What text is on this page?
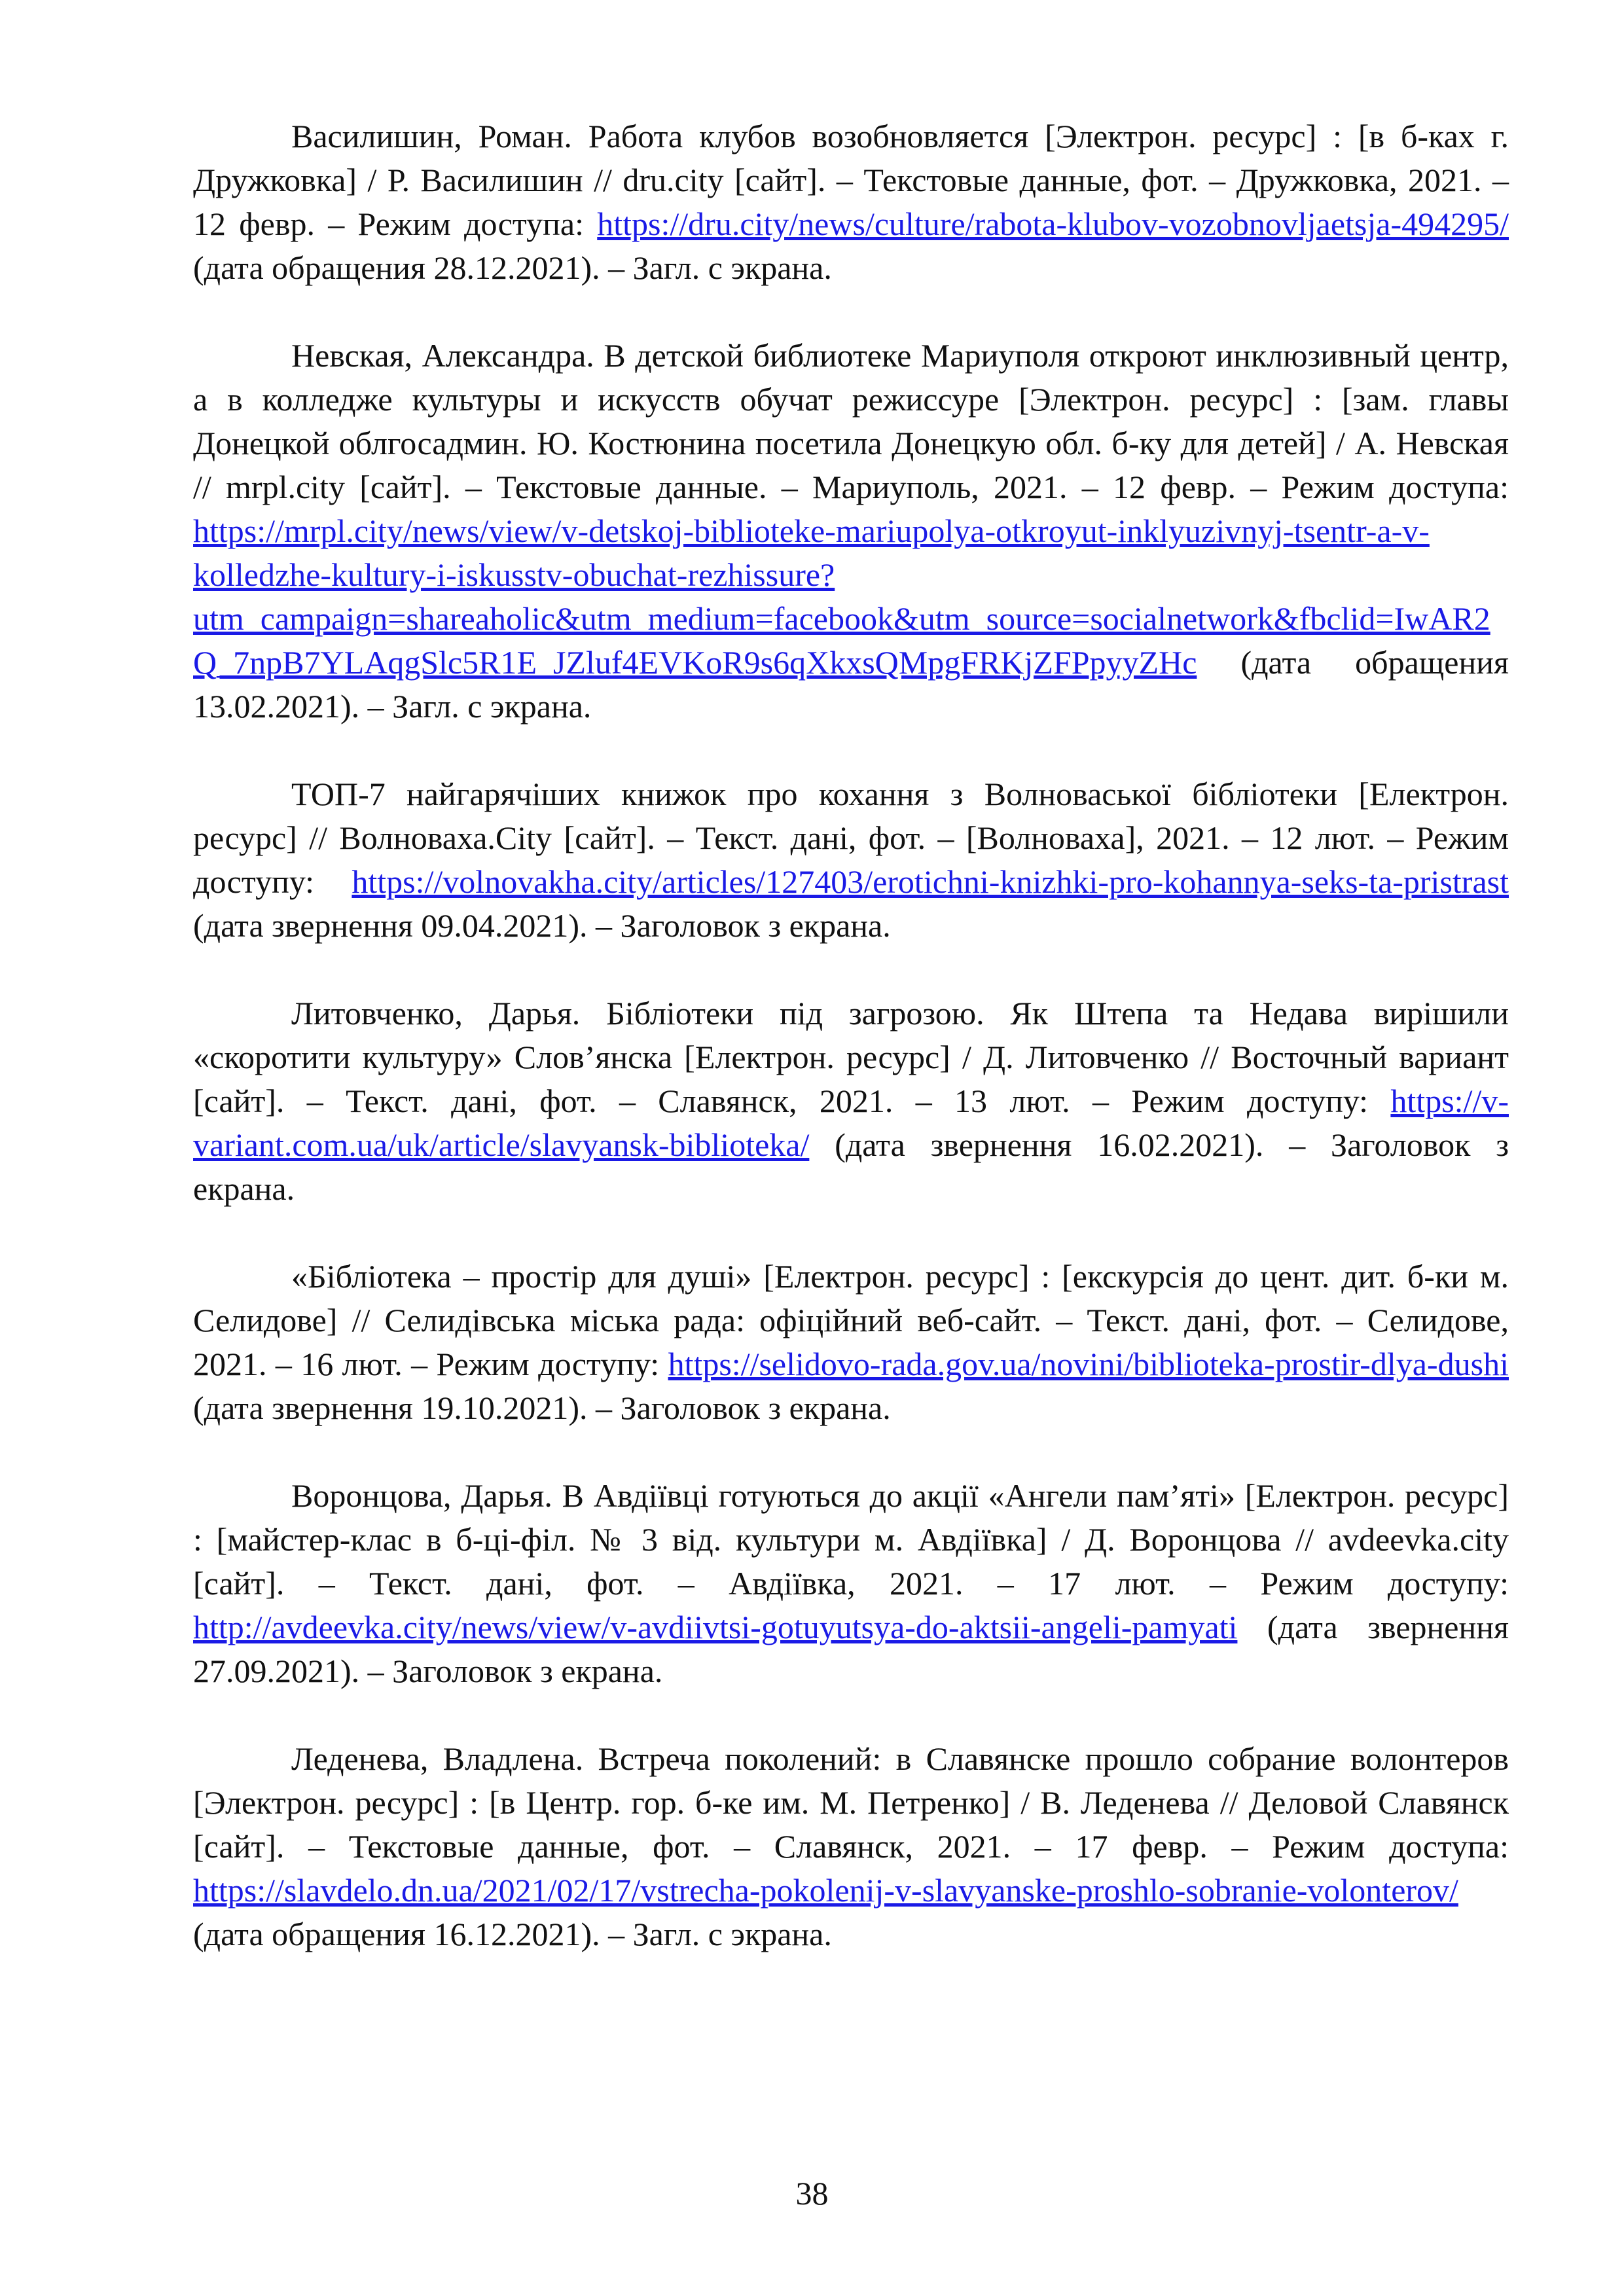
Василишин, Роман. Работа клубов возобновляется [Электрон. ресурс] : [в б-ках г. Дружковка] / Р. Василишин // dru.city [сайт]. – Текстовые данные, фот. – Дружковка, 2021. – 12 февр. – Режим доступа: https://dru.city/news/culture/rabota-klubov-vozobnovljaetsja-494295/ (дата обращения 28.12.2021). – Загл. с экрана.

Невская, Александра. В детской библиотеке Мариуполя откроют инклюзивный центр, а в колледже культуры и искусств обучат режиссуре [Электрон. ресурс] : [зам. главы Донецкой облгосадмин. Ю. Костюнина посетила Донецкую обл. б-ку для детей] / А. Невская // mrpl.city [сайт]. – Текстовые данные. – Мариуполь, 2021. – 12 февр. – Режим доступа: https://mrpl.city/news/view/v-detskoj-biblioteke-mariupolya-otkroyut-inklyuzivnyj-tsentr-a-v-kolledzhe-kultury-i-iskusstv-obuchat-rezhissure?utm_campaign=shareaholic&utm_medium=facebook&utm_source=socialnetwork&fbclid=IwAR2Q_7npB7YLAqgSlc5R1E_JZluf4EVKoR9s6qXkxsQMpgFRKjZFPpyyZHc (дата обращения 13.02.2021). – Загл. с экрана.

ТОП-7 найгарячіших книжок про кохання з Волноваської бібліотеки [Електрон. ресурс] // Волноваха.City [сайт]. – Текст. дані, фот. – [Волноваха], 2021. – 12 лют. – Режим доступу: https://volnovakha.city/articles/127403/erotichni-knizhki-pro-kohannya-seks-ta-pristrast (дата звернення 09.04.2021). – Заголовок з екрана.

Литовченко, Дарья. Бібліотеки під загрозою. Як Штепа та Недава вирішили «скоротити культуру» Слов’янска [Електрон. ресурс] / Д. Литовченко // Восточный вариант [сайт]. – Текст. дані, фот. – Славянск, 2021. – 13 лют. – Режим доступу: https://v-variant.com.ua/uk/article/slavyansk-biblioteka/ (дата звернення 16.02.2021). – Заголовок з екрана.

«Бібліотека – простір для душі» [Електрон. ресурс] : [екскурсія до цент. дит. б-ки м. Селидове] // Селидівська міська рада: офіційний веб-сайт. – Текст. дані, фот. – Селидове, 2021. – 16 лют. – Режим доступу: https://selidovo-rada.gov.ua/novini/biblioteka-prostir-dlya-dushi (дата звернення 19.10.2021). – Заголовок з екрана.

Воронцова, Дарья. В Авдіївці готуються до акції «Ангели пам’яті» [Електрон. ресурс] : [майстер-клас в б-ці-філ. № 3 від. культури м. Авдіївка] / Д. Воронцова // avdeevka.city [сайт]. – Текст. дані, фот. – Авдіївка, 2021. – 17 лют. – Режим доступу: http://avdeevka.city/news/view/v-avdiivtsi-gotuyutsya-do-aktsii-angeli-pamyati (дата звернення 27.09.2021). – Заголовок з екрана.

Леденева, Владлена. Встреча поколений: в Славянске прошло собрание волонтеров [Электрон. ресурс] : [в Центр. гор. б-ке им. М. Петренко] / В. Леденева // Деловой Славянск [сайт]. – Текстовые данные, фот. – Славянск, 2021. – 17 февр. – Режим доступа: https://slavdelo.dn.ua/2021/02/17/vstrecha-pokolenij-v-slavyanske-proshlo-sobranie-volonterov/ (дата обращения 16.12.2021). – Загл. с экрана.

38
